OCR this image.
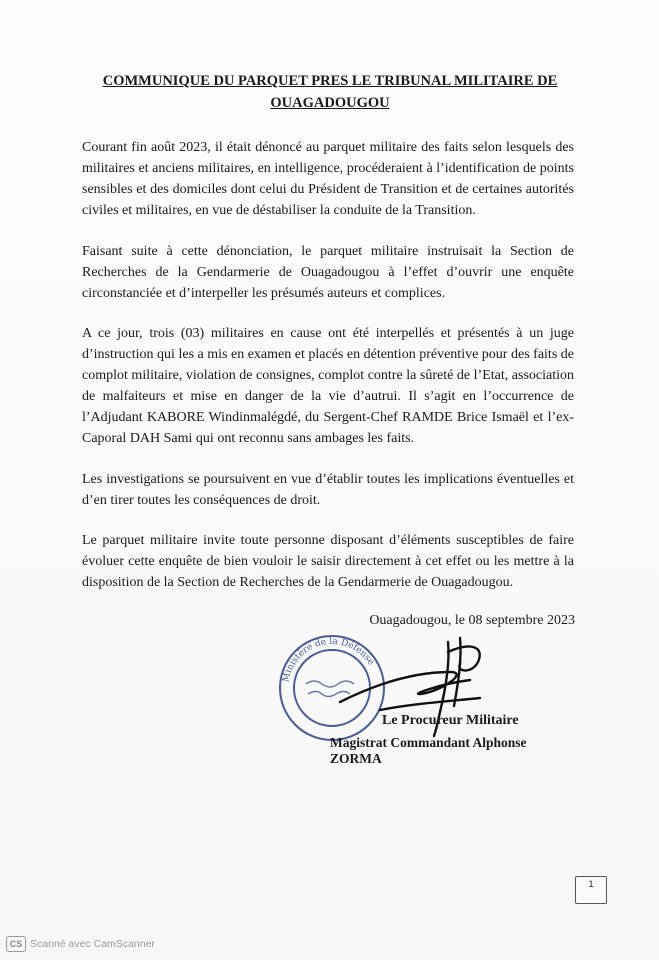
COMMUNIQUE DU PARQUET PRES LE TRIBUNAL MILITAIRE DE
OUAGADOUGOU

Courant fin août 2023, il était dénoncé au parquet militaire des faits selon lesquels des militaires et anciens militaires, en intelligence, procéderaient à l’identification de points sensibles et des domiciles dont celui du Président de Transition et de certaines autorités civiles et militaires, en vue de déstabiliser la conduite de la Transition.

Faisant suite à cette dénonciation, le parquet militaire instruisait la Section de Recherches de la Gendarmerie de Ouagadougou à l’effet d’ouvrir une enquête circonstanciée et d’interpeller les présumés auteurs et complices.

A ce jour, trois (03) militaires en cause ont été interpellés et présentés à un juge d’instruction qui les a mis en examen et placés en détention préventive pour des faits de complot militaire, violation de consignes, complot contre la sûreté de l’Etat, association de malfaiteurs et mise en danger de la vie d’autrui. Il s’agit en l’occurrence de l’Adjudant KABORE Windinmalégdé, du Sergent-Chef RAMDE Brice Ismaël et l’ex-Caporal DAH Sami qui ont reconnu sans ambages les faits.

Les investigations se poursuivent en vue d’établir toutes les implications éventuelles et d’en tirer toutes les conséquences de droit.

Le parquet militaire invite toute personne disposant d’éléments susceptibles de faire évoluer cette enquête de bien vouloir le saisir directement à cet effet ou les mettre à la disposition de la Section de Recherches de la Gendarmerie de Ouagadougou.

Ouagadougou, le 08 septembre 2023
Ministère de la Défense
Le Procureur Militaire
Magistrat Commandant Alphonse ZORMA
1
CS Scanné avec CamScanner
